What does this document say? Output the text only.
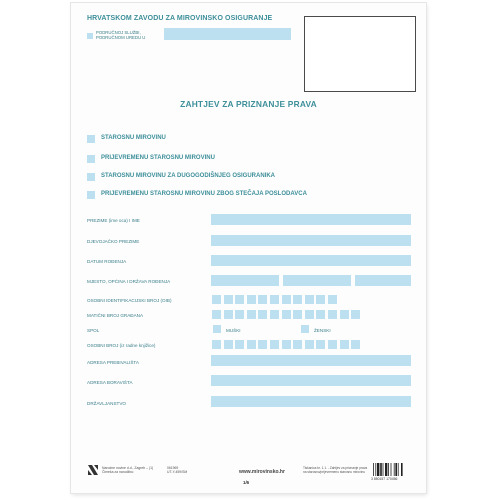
HRVATSKOM ZAVODU ZA MIROVINSKO OSIGURANJE
PODRUČNOJ SLUŽBI,
PODRUČNOM UREDU U
ZAHTJEV ZA PRIZNANJE PRAVA
STAROSNU MIROVINU
PRIJEVREMENU STAROSNU MIROVINU
STAROSNU MIROVINU ZA DUGOGODIŠNJEG OSIGURANIKA
PRIJEVREMENU STAROSNU MIROVINU ZBOG STEČAJA POSLODAVCA
PREZIME (ime oca) I IME
DJEVOJAČKO PREZIME
DATUM ROĐENJA
MJESTO, OPĆINA I DRŽAVA ROĐENJA
OSOBNI IDENTIFIKACIJSKI BROJ (OIB)
MATIČNI BROJ GRAĐANA
SPOL	MUŠKI	ŽENSKI
OSOBNI BROJ (iz radne knjižice)
ADRESA PREBIVALIŠTA
ADRESA BORAVIŠTA
DRŽAVLJANSTVO
Narodne novine d.d., Zagreb – (1)
Čimeka za narudžbu:
061969
UT-Y-459/SM	www.mirovinsko.hr
Tiskanica br. 1.1. - Zahtjev za priznanje prava
na starosnu/prijevremenu starosnu mirovinu
1/6
3 850157 170456
